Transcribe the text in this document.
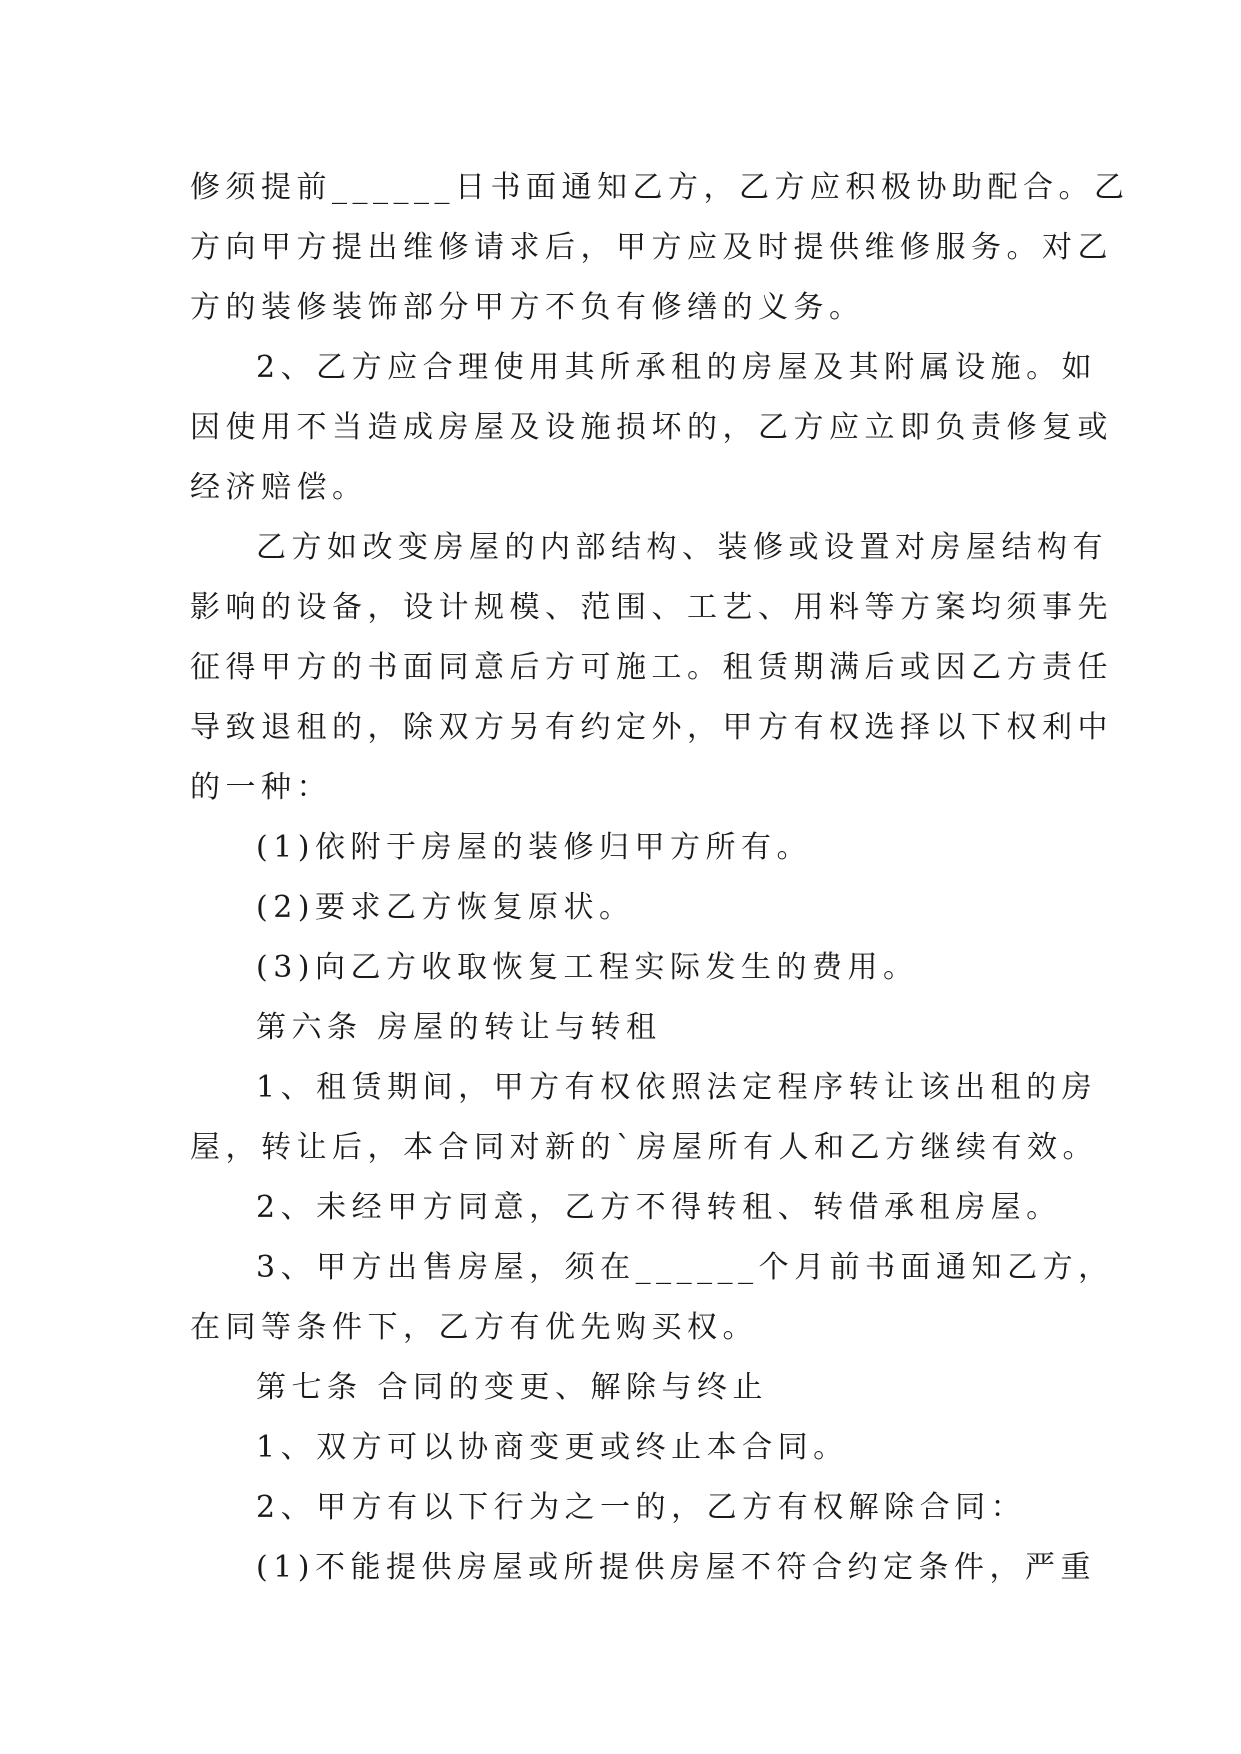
修须提前______日书面通知乙方，乙方应积极协助配合。乙
方向甲方提出维修请求后，甲方应及时提供维修服务。对乙
方的装修装饰部分甲方不负有修缮的义务。
2、乙方应合理使用其所承租的房屋及其附属设施。如
因使用不当造成房屋及设施损坏的，乙方应立即负责修复或
经济赔偿。
乙方如改变房屋的内部结构、装修或设置对房屋结构有
影响的设备，设计规模、范围、工艺、用料等方案均须事先
征得甲方的书面同意后方可施工。租赁期满后或因乙方责任
导致退租的，除双方另有约定外，甲方有权选择以下权利中
的一种：
(1)依附于房屋的装修归甲方所有。
(2)要求乙方恢复原状。
(3)向乙方收取恢复工程实际发生的费用。
第六条 房屋的转让与转租
1、租赁期间，甲方有权依照法定程序转让该出租的房
屋，转让后，本合同对新的`房屋所有人和乙方继续有效。
2、未经甲方同意，乙方不得转租、转借承租房屋。
3、甲方出售房屋，须在______个月前书面通知乙方，
在同等条件下，乙方有优先购买权。
第七条 合同的变更、解除与终止
1、双方可以协商变更或终止本合同。
2、甲方有以下行为之一的，乙方有权解除合同：
(1)不能提供房屋或所提供房屋不符合约定条件，严重
